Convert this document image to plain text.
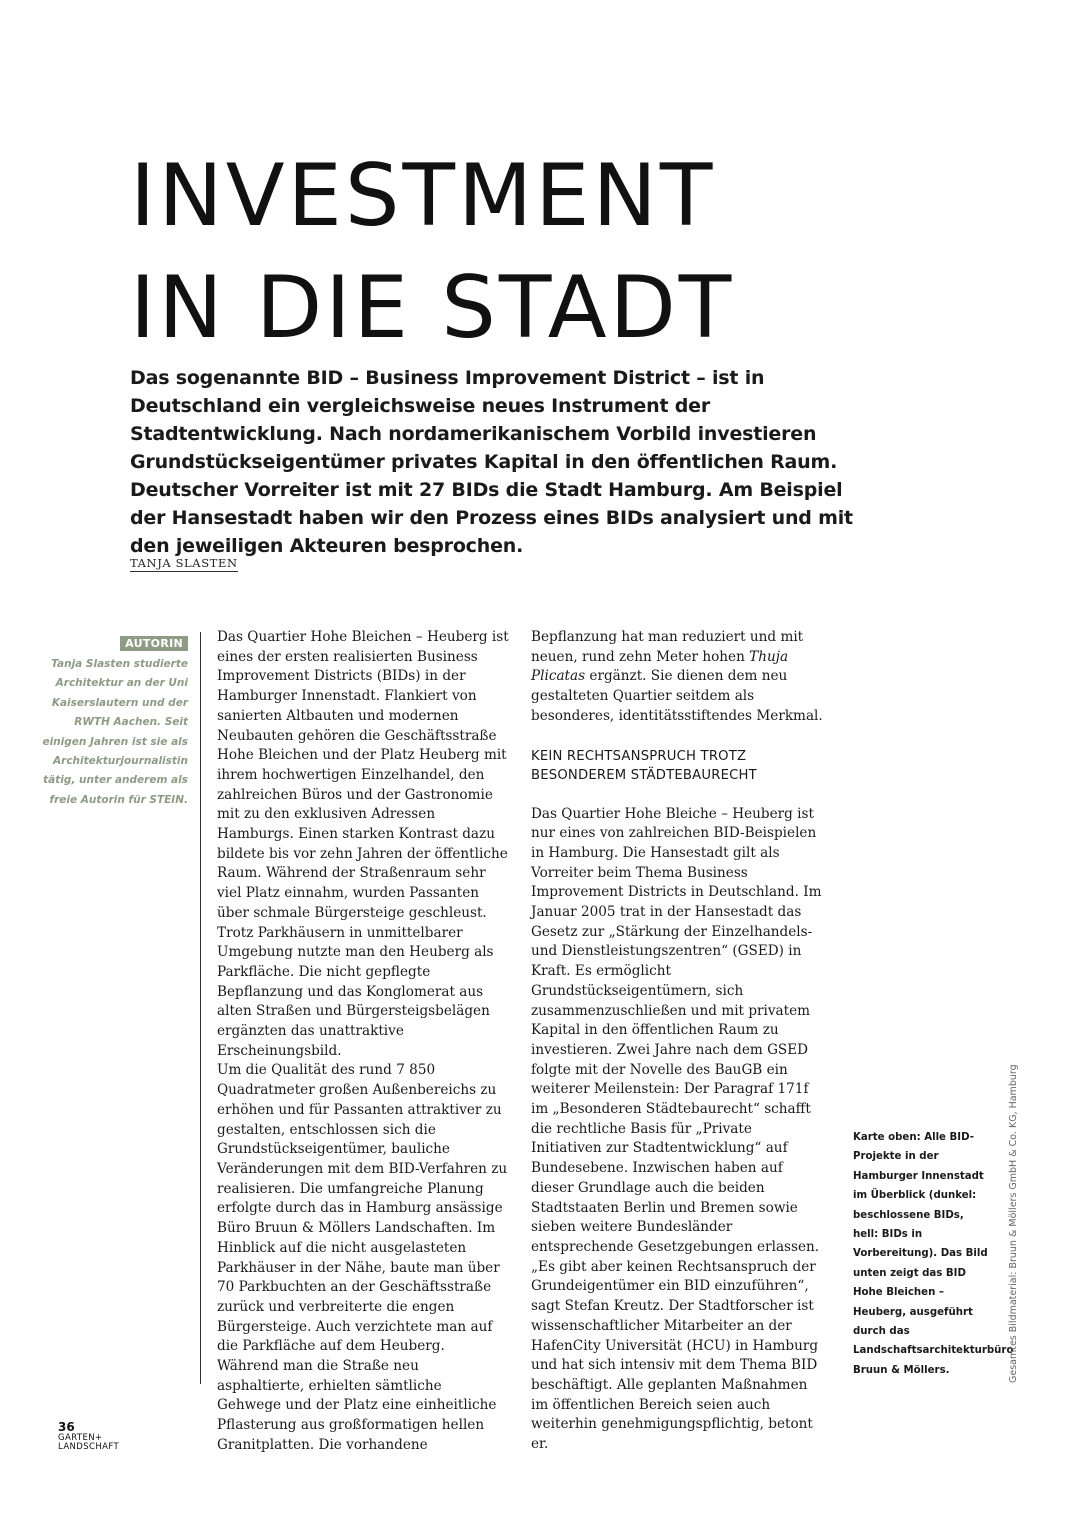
INVESTMENT
IN DIE STADT

Das sogenannte BID – Business Improvement District – ist in Deutschland ein vergleichsweise neues Instrument der Stadtentwicklung. Nach nordamerikanischem Vorbild investieren Grundstückseigentümer privates Kapital in den öffentlichen Raum. Deutscher Vorreiter ist mit 27 BIDs die Stadt Hamburg. Am Beispiel der Hansestadt haben wir den Prozess eines BIDs analysiert und mit den jeweiligen Akteuren besprochen.

TANJA SLASTEN
AUTORIN

Tanja Slasten studierte Architektur an der Uni Kaiserslautern und der RWTH Aachen. Seit einigen Jahren ist sie als Architekturjournalistin tätig, unter anderem als freie Autorin für STEIN.

Das Quartier Hohe Bleichen – Heuberg ist eines der ersten realisierten Business Improvement Districts (BIDs) in der Hamburger Innenstadt. Flankiert von sanierten Altbauten und modernen Neubauten gehören die Geschäftsstraße Hohe Bleichen und der Platz Heuberg mit ihrem hochwertigen Einzelhandel, den zahlreichen Büros und der Gastronomie mit zu den exklusiven Adressen Hamburgs. Einen starken Kontrast dazu bildete bis vor zehn Jahren der öffentliche Raum. Während der Straßenraum sehr viel Platz einnahm, wurden Passanten über schmale Bürgersteige geschleust. Trotz Parkhäusern in unmittelbarer Umgebung nutzte man den Heuberg als Parkfläche. Die nicht gepflegte Bepflanzung und das Konglomerat aus alten Straßen und Bürgersteigsbelägen ergänzten das unattraktive Erscheinungsbild.

Um die Qualität des rund 7 850 Quadratmeter großen Außenbereichs zu erhöhen und für Passanten attraktiver zu gestalten, entschlossen sich die Grundstückseigentümer, bauliche Veränderungen mit dem BID-Verfahren zu realisieren. Die umfangreiche Planung erfolgte durch das in Hamburg ansässige Büro Bruun & Möllers Landschaften. Im Hinblick auf die nicht ausgelasteten Parkhäuser in der Nähe, baute man über 70 Parkbuchten an der Geschäftsstraße zurück und verbreiterte die engen Bürgersteige. Auch verzichtete man auf die Parkfläche auf dem Heuberg. Während man die Straße neu asphaltierte, erhielten sämtliche Gehwege und der Platz eine einheitliche Pflasterung aus großformatigen hellen Granitplatten. Die vorhandene

Bepflanzung hat man reduziert und mit neuen, rund zehn Meter hohen Thuja Plicatas ergänzt. Sie dienen dem neu gestalteten Quartier seitdem als besonderes, identitätsstiftendes Merkmal.

KEIN RECHTSANSPRUCH TROTZ BESONDEREM STÄDTEBAURECHT

Das Quartier Hohe Bleiche – Heuberg ist nur eines von zahlreichen BID-Beispielen in Hamburg. Die Hansestadt gilt als Vorreiter beim Thema Business Improvement Districts in Deutschland. Im Januar 2005 trat in der Hansestadt das Gesetz zur „Stärkung der Einzelhandels- und Dienstleistungszentren“ (GSED) in Kraft. Es ermöglicht Grundstückseigentümern, sich zusammenzuschließen und mit privatem Kapital in den öffentlichen Raum zu investieren. Zwei Jahre nach dem GSED folgte mit der Novelle des BauGB ein weiterer Meilenstein: Der Paragraf 171f im „Besonderen Städtebaurecht“ schafft die rechtliche Basis für „Private Initiativen zur Stadtentwicklung“ auf Bundesebene. Inzwischen haben auf dieser Grundlage auch die beiden Stadtstaaten Berlin und Bremen sowie sieben weitere Bundesländer entsprechende Gesetzgebungen erlassen. „Es gibt aber keinen Rechtsanspruch der Grundeigentümer ein BID einzuführen“, sagt Stefan Kreutz. Der Stadtforscher ist wissenschaftlicher Mitarbeiter an der HafenCity Universität (HCU) in Hamburg und hat sich intensiv mit dem Thema BID beschäftigt. Alle geplanten Maßnahmen im öffentlichen Bereich seien auch weiterhin genehmigungspflichtig, betont er.

Karte oben: Alle BID-Projekte in der Hamburger Innenstadt im Überblick (dunkel: beschlossene BIDs, hell: BIDs in Vorbereitung). Das Bild unten zeigt das BID Hohe Bleichen – Heuberg, ausgeführt durch das Landschaftsarchitekturbüro Bruun & Möllers.	Gesamtes Bildmaterial: Bruun & Möllers GmbH & Co. KG, Hamburg
36
GARTEN+
LANDSCHAFT
